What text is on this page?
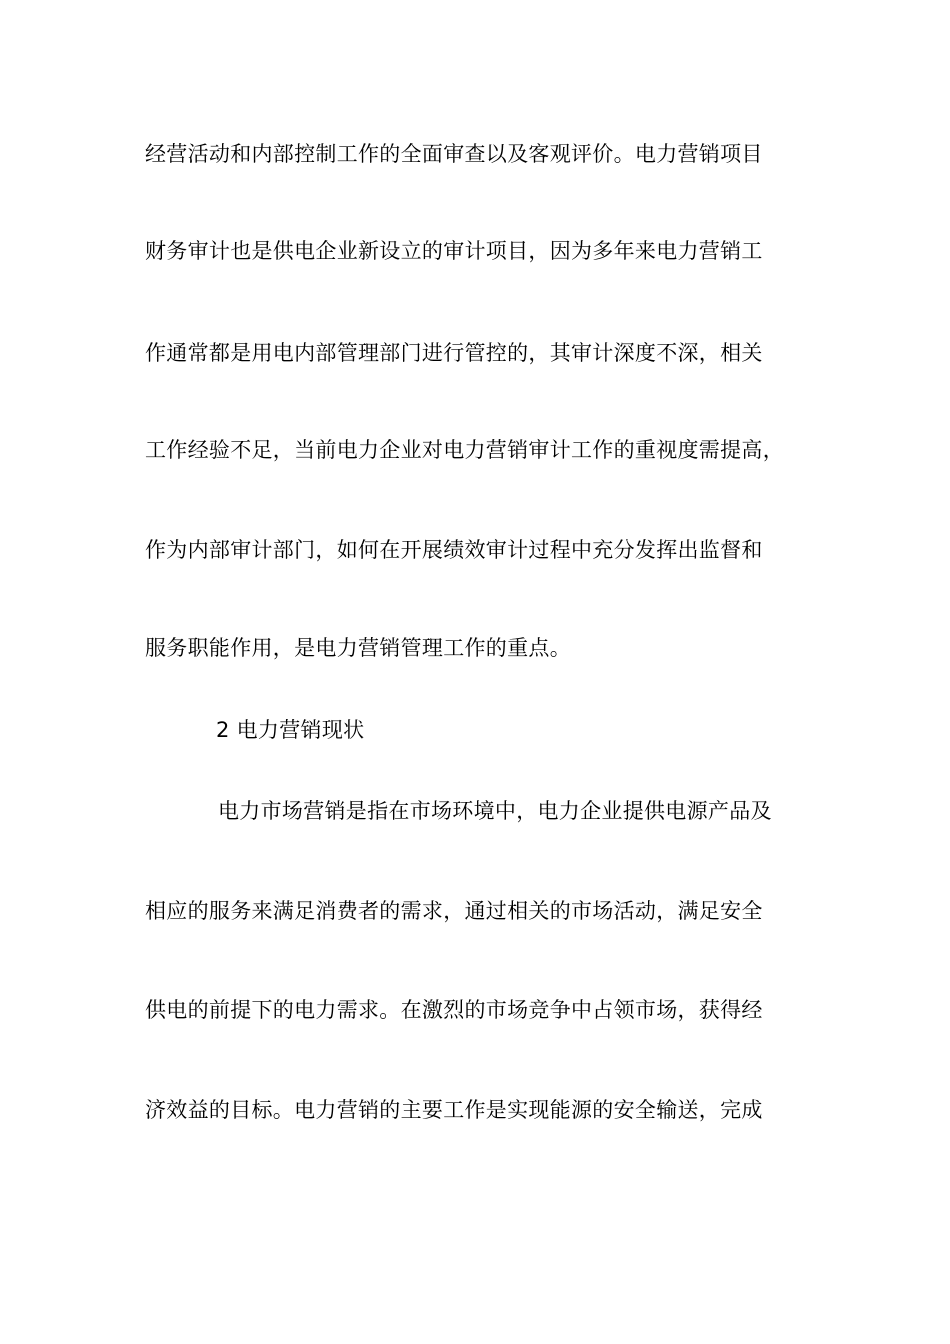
经营活动和内部控制工作的全面审查以及客观评价。电力营销项目
财务审计也是供电企业新设立的审计项目，因为多年来电力营销工
作通常都是用电内部管理部门进行管控的，其审计深度不深，相关
工作经验不足，当前电力企业对电力营销审计工作的重视度需提高，
作为内部审计部门，如何在开展绩效审计过程中充分发挥出监督和
服务职能作用，是电力营销管理工作的重点。
2 电力营销现状
电力市场营销是指在市场环境中，电力企业提供电源产品及
相应的服务来满足消费者的需求，通过相关的市场活动，满足安全
供电的前提下的电力需求。在激烈的市场竞争中占领市场，获得经
济效益的目标。电力营销的主要工作是实现能源的安全输送，完成
